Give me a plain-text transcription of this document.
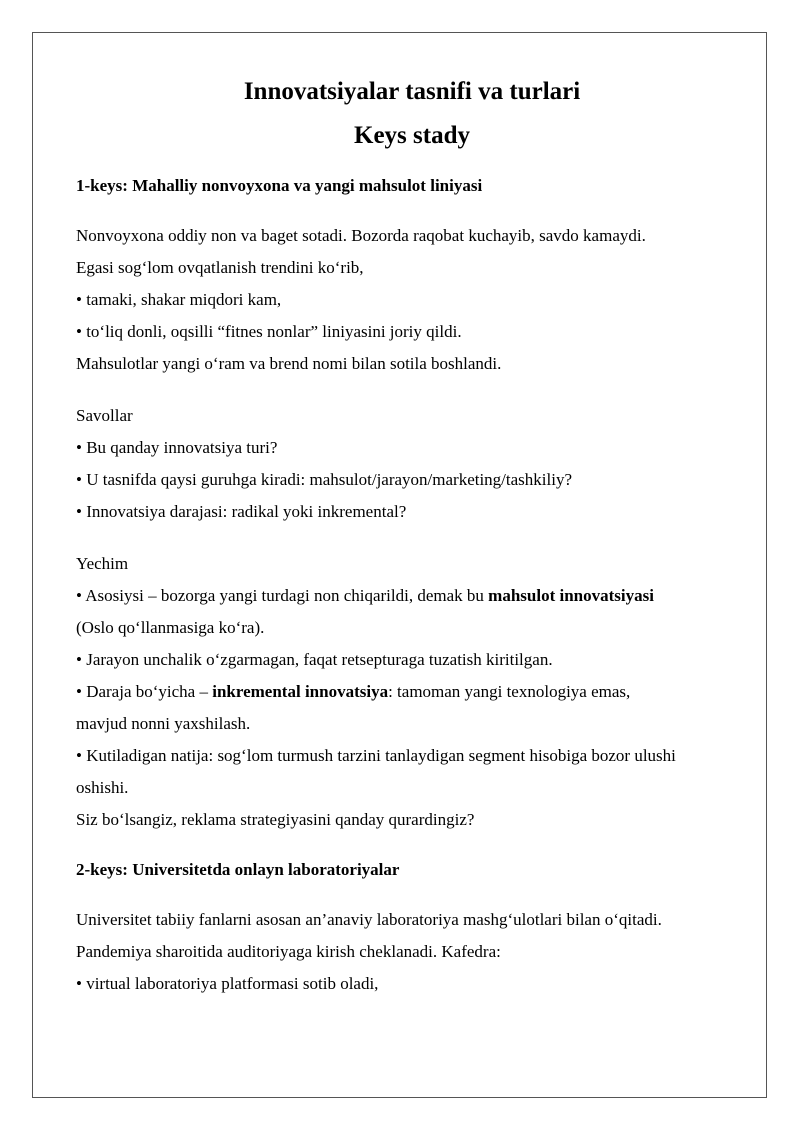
Innovatsiyalar tasnifi va turlari
Keys stady

1-keys: Mahalliy nonvoyxona va yangi mahsulot liniyasi

Nonvoyxona oddiy non va baget sotadi. Bozorda raqobat kuchayib, savdo kamaydi.

Egasi sog‘lom ovqatlanish trendini ko‘rib,

• tamaki, shakar miqdori kam,

• to‘liq donli, oqsilli “fitnes nonlar” liniyasini joriy qildi.

Mahsulotlar yangi o‘ram va brend nomi bilan sotila boshlandi.

Savollar

• Bu qanday innovatsiya turi?

• U tasnifda qaysi guruhga kiradi: mahsulot/jarayon/marketing/tashkiliy?

• Innovatsiya darajasi: radikal yoki inkremental?

Yechim

• Asosiysi – bozorga yangi turdagi non chiqarildi, demak bu mahsulot innovatsiyasi

(Oslo qo‘llanmasiga ko‘ra).

• Jarayon unchalik o‘zgarmagan, faqat retsepturaga tuzatish kiritilgan.

• Daraja bo‘yicha – inkremental innovatsiya: tamoman yangi texnologiya emas,

mavjud nonni yaxshilash.

• Kutiladigan natija: sog‘lom turmush tarzini tanlaydigan segment hisobiga bozor ulushi

oshishi.

Siz bo‘lsangiz, reklama strategiyasini qanday qurardingiz?

2-keys: Universitetda onlayn laboratoriyalar

Universitet tabiiy fanlarni asosan an’anaviy laboratoriya mashg‘ulotlari bilan o‘qitadi.

Pandemiya sharoitida auditoriyaga kirish cheklanadi. Kafedra:

• virtual laboratoriya platformasi sotib oladi,
